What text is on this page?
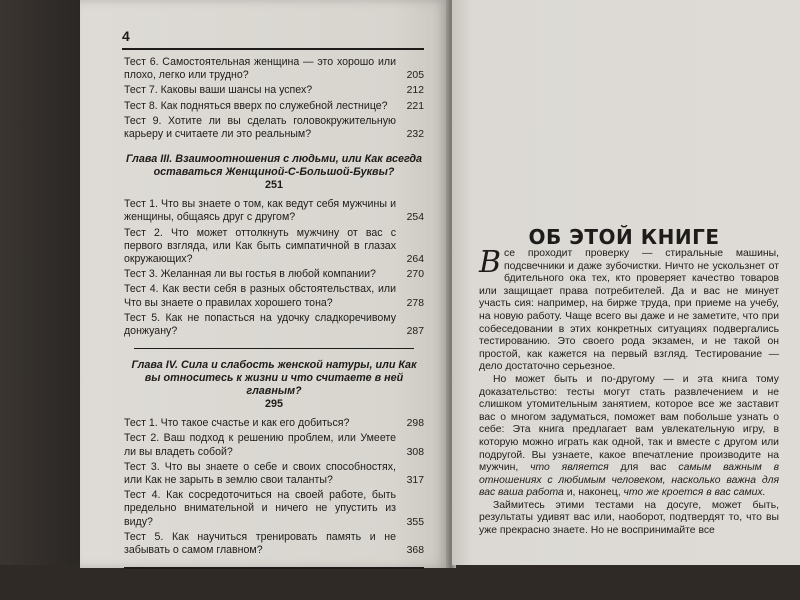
4
Тест 6. Самостоятельная женщина — это хорошо или плохо, легко или трудно?	205
Тест 7. Каковы ваши шансы на успех?	212
Тест 8. Как подняться вверх по служебной лестнице?	221
Тест 9. Хотите ли вы сделать головокружительную карьеру и считаете ли это реальным?	232
Глава III. Взаимоотношения с людьми, или Как всегда оставаться Женщиной-С-Большой-Буквы?
251
Тест 1. Что вы знаете о том, как ведут себя мужчины и женщины, общаясь друг с другом?	254
Тест 2. Что может оттолкнуть мужчину от вас с первого взгляда, или Как быть симпатичной в глазах окружающих?	264
Тест 3. Желанная ли вы гостья в любой компании?	270
Тест 4. Как вести себя в разных обстоятельствах, или Что вы знаете о правилах хорошего тона?	278
Тест 5. Как не попасться на удочку сладкоречивому донжуану?	287
Глава IV. Сила и слабость женской натуры, или Как вы относитесь к жизни и что считаете в ней главным?
295
Тест 1. Что такое счастье и как его добиться?	298
Тест 2. Ваш подход к решению проблем, или Умеете ли вы владеть собой?	308
Тест 3. Что вы знаете о себе и своих способностях, или Как не зарыть в землю свои таланты?	317
Тест 4. Как сосредоточиться на своей работе, быть предельно внимательной и ничего не упустить из виду?	355
Тест 5. Как научиться тренировать память и не забывать о самом главном?	368
ОБ ЭТОЙ КНИГЕ

Все проходит проверку — стиральные машины, подсвечники и даже зубочистки. Ничто не ускользнет от бдительного ока тех, кто проверяет качество товаров или защищает права потребителей. Да и вас не минует участь сия: например, на бирже труда, при приеме на учебу, на новую работу. Чаще всего вы даже и не заметите, что при собеседовании в этих конкретных ситуациях подвергались тестированию. Это своего рода экзамен, и не такой он простой, как кажется на первый взгляд. Тестирование — дело достаточно серьезное.

Но может быть и по-другому — и эта книга тому доказательство: тесты могут стать развлечением и не слишком утомительным занятием, которое все же заставит вас о многом задуматься, поможет вам побольше узнать о себе: Эта книга предлагает вам увлекательную игру, в которую можно играть как одной, так и вместе с другом или подругой. Вы узнаете, какое впечатление производите на мужчин, что является для вас самым важным в отношениях с любимым человеком, насколько важна для вас ваша работа и, наконец, что же кроется в вас самих.

Займитесь этими тестами на досуге, может быть, результаты удивят вас или, наоборот, подтвердят то, что вы уже прекрасно знаете. Но не воспринимайте все
